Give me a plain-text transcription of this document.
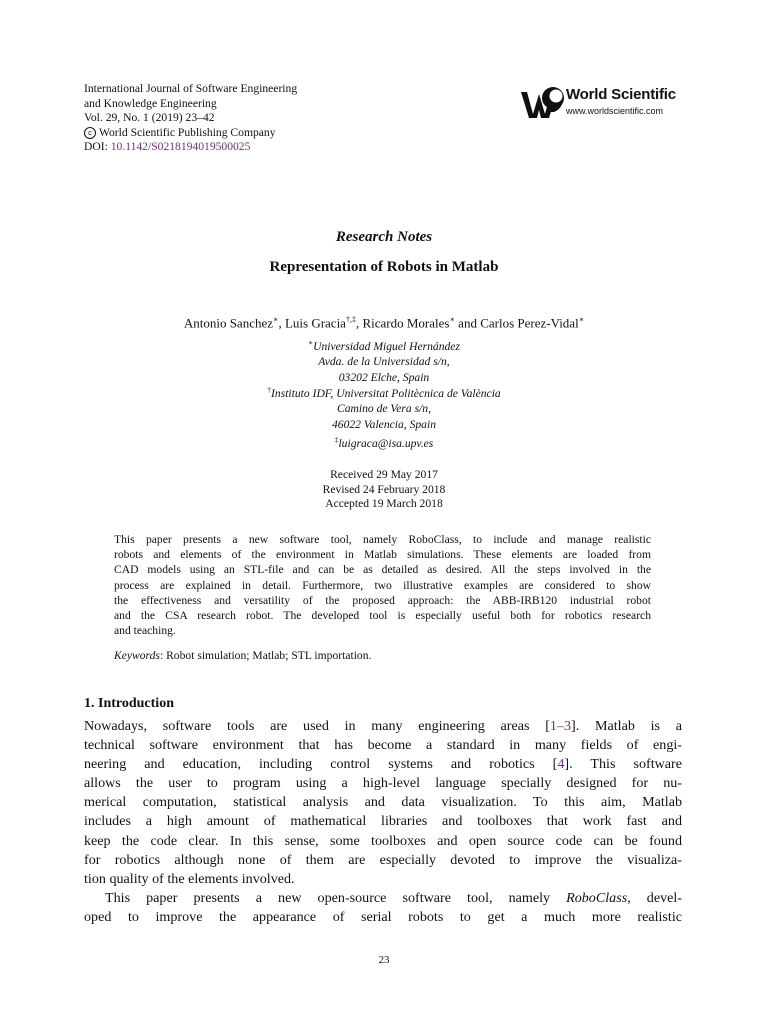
International Journal of Software Engineering
and Knowledge Engineering
Vol. 29, No. 1 (2019) 23–42
c World Scientific Publishing Company
DOI: 10.1142/S0218194019500025
World Scientific
www.worldscientific.com
Research Notes
Representation of Robots in Matlab
Antonio Sanchez∗, Luis Gracia†,‡, Ricardo Morales∗ and Carlos Perez-Vidal∗
∗Universidad Miguel Hernández
Avda. de la Universidad s/n,
03202 Elche, Spain
†Instituto IDF, Universitat Politècnica de València
Camino de Vera s/n,
46022 Valencia, Spain
‡luigraca@isa.upv.es
Received 29 May 2017
Revised 24 February 2018
Accepted 19 March 2018
This paper presents a new software tool, namely RoboClass, to include and manage realistic
robots and elements of the environment in Matlab simulations. These elements are loaded from
CAD models using an STL-file and can be as detailed as desired. All the steps involved in the
process are explained in detail. Furthermore, two illustrative examples are considered to show
the effectiveness and versatility of the proposed approach: the ABB-IRB120 industrial robot
and the CSA research robot. The developed tool is especially useful both for robotics research
and teaching.
Keywords: Robot simulation; Matlab; STL importation.
1. Introduction
Nowadays, software tools are used in many engineering areas [1–3]. Matlab is a
technical software environment that has become a standard in many fields of engi-
neering and education, including control systems and robotics [4]. This software
allows the user to program using a high-level language specially designed for nu-
merical computation, statistical analysis and data visualization. To this aim, Matlab
includes a high amount of mathematical libraries and toolboxes that work fast and
keep the code clear. In this sense, some toolboxes and open source code can be found
for robotics although none of them are especially devoted to improve the visualiza-
tion quality of the elements involved.
This paper presents a new open-source software tool, namely RoboClass, devel-
oped to improve the appearance of serial robots to get a much more realistic
23
